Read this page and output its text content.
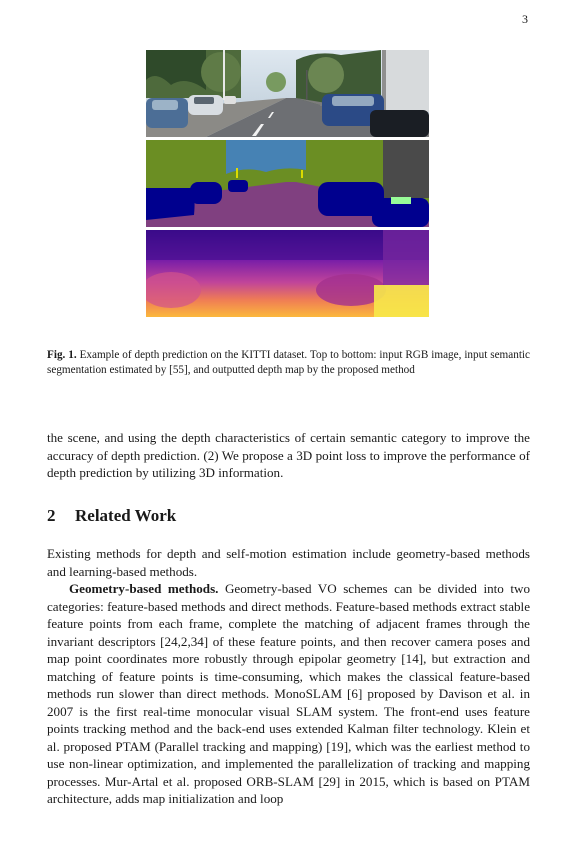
3
Fig. 1. Example of depth prediction on the KITTI dataset. Top to bottom: input RGB image, input semantic segmentation estimated by [55], and outputted depth map by the proposed method

the scene, and using the depth characteristics of certain semantic category to improve the accuracy of depth prediction. (2) We propose a 3D point loss to improve the performance of depth prediction by utilizing 3D information.

2 Related Work

Existing methods for depth and self-motion estimation include geometry-based methods and learning-based methods.

Geometry-based methods. Geometry-based VO schemes can be divided into two categories: feature-based methods and direct methods. Feature-based methods extract stable feature points from each frame, complete the matching of adjacent frames through the invariant descriptors [24,2,34] of these feature points, and then recover camera poses and map point coordinates more robustly through epipolar geometry [14], but extraction and matching of feature points is time-consuming, which makes the classical feature-based methods run slower than direct methods. MonoSLAM [6] proposed by Davison et al. in 2007 is the first real-time monocular visual SLAM system. The front-end uses feature points tracking method and the back-end uses extended Kalman filter technology. Klein et al. proposed PTAM (Parallel tracking and mapping) [19], which was the earliest method to use non-linear optimization, and implemented the parallelization of tracking and mapping processes. Mur-Artal et al. proposed ORB-SLAM [29] in 2015, which is based on PTAM architecture, adds map initialization and loop
